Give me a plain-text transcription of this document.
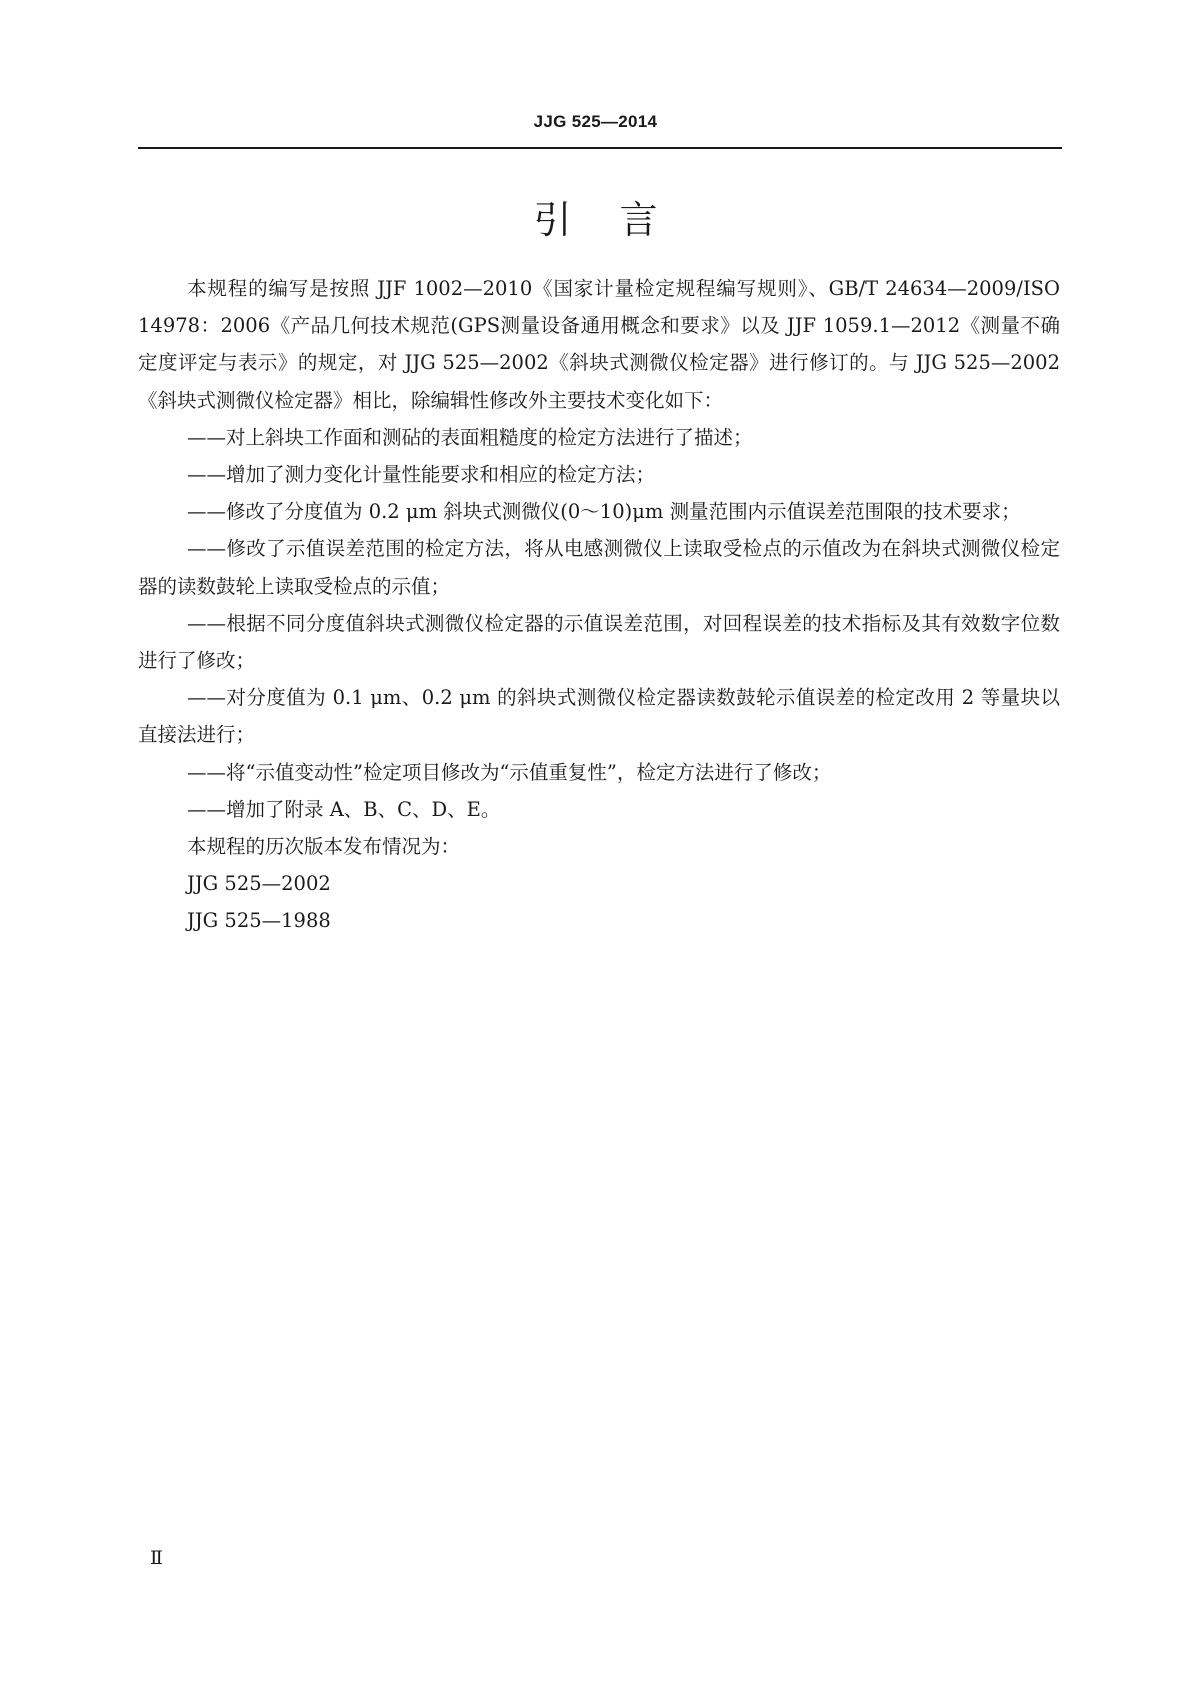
JJG 525—2014
引言

本规程的编写是按照 JJF 1002—2010《国家计量检定规程编写规则》、GB/T 24634—2009/ISO 14978：2006《产品几何技术规范(GPS测量设备通用概念和要求》以及 JJF 1059.1—2012《测量不确定度评定与表示》的规定，对 JJG 525—2002《斜块式测微仪检定器》进行修订的。与 JJG 525—2002《斜块式测微仪检定器》相比，除编辑性修改外主要技术变化如下：

——对上斜块工作面和测砧的表面粗糙度的检定方法进行了描述；

——增加了测力变化计量性能要求和相应的检定方法；

——修改了分度值为 0.2 μm 斜块式测微仪(0～10)μm 测量范围内示值误差范围限的技术要求；

——修改了示值误差范围的检定方法，将从电感测微仪上读取受检点的示值改为在斜块式测微仪检定器的读数鼓轮上读取受检点的示值；

——根据不同分度值斜块式测微仪检定器的示值误差范围，对回程误差的技术指标及其有效数字位数进行了修改；

——对分度值为 0.1 μm、0.2 μm 的斜块式测微仪检定器读数鼓轮示值误差的检定改用 2 等量块以直接法进行；

——将“示值变动性”检定项目修改为“示值重复性”，检定方法进行了修改；

——增加了附录 A、B、C、D、E。

本规程的历次版本发布情况为：

JJG 525—2002

JJG 525—1988

Ⅱ
